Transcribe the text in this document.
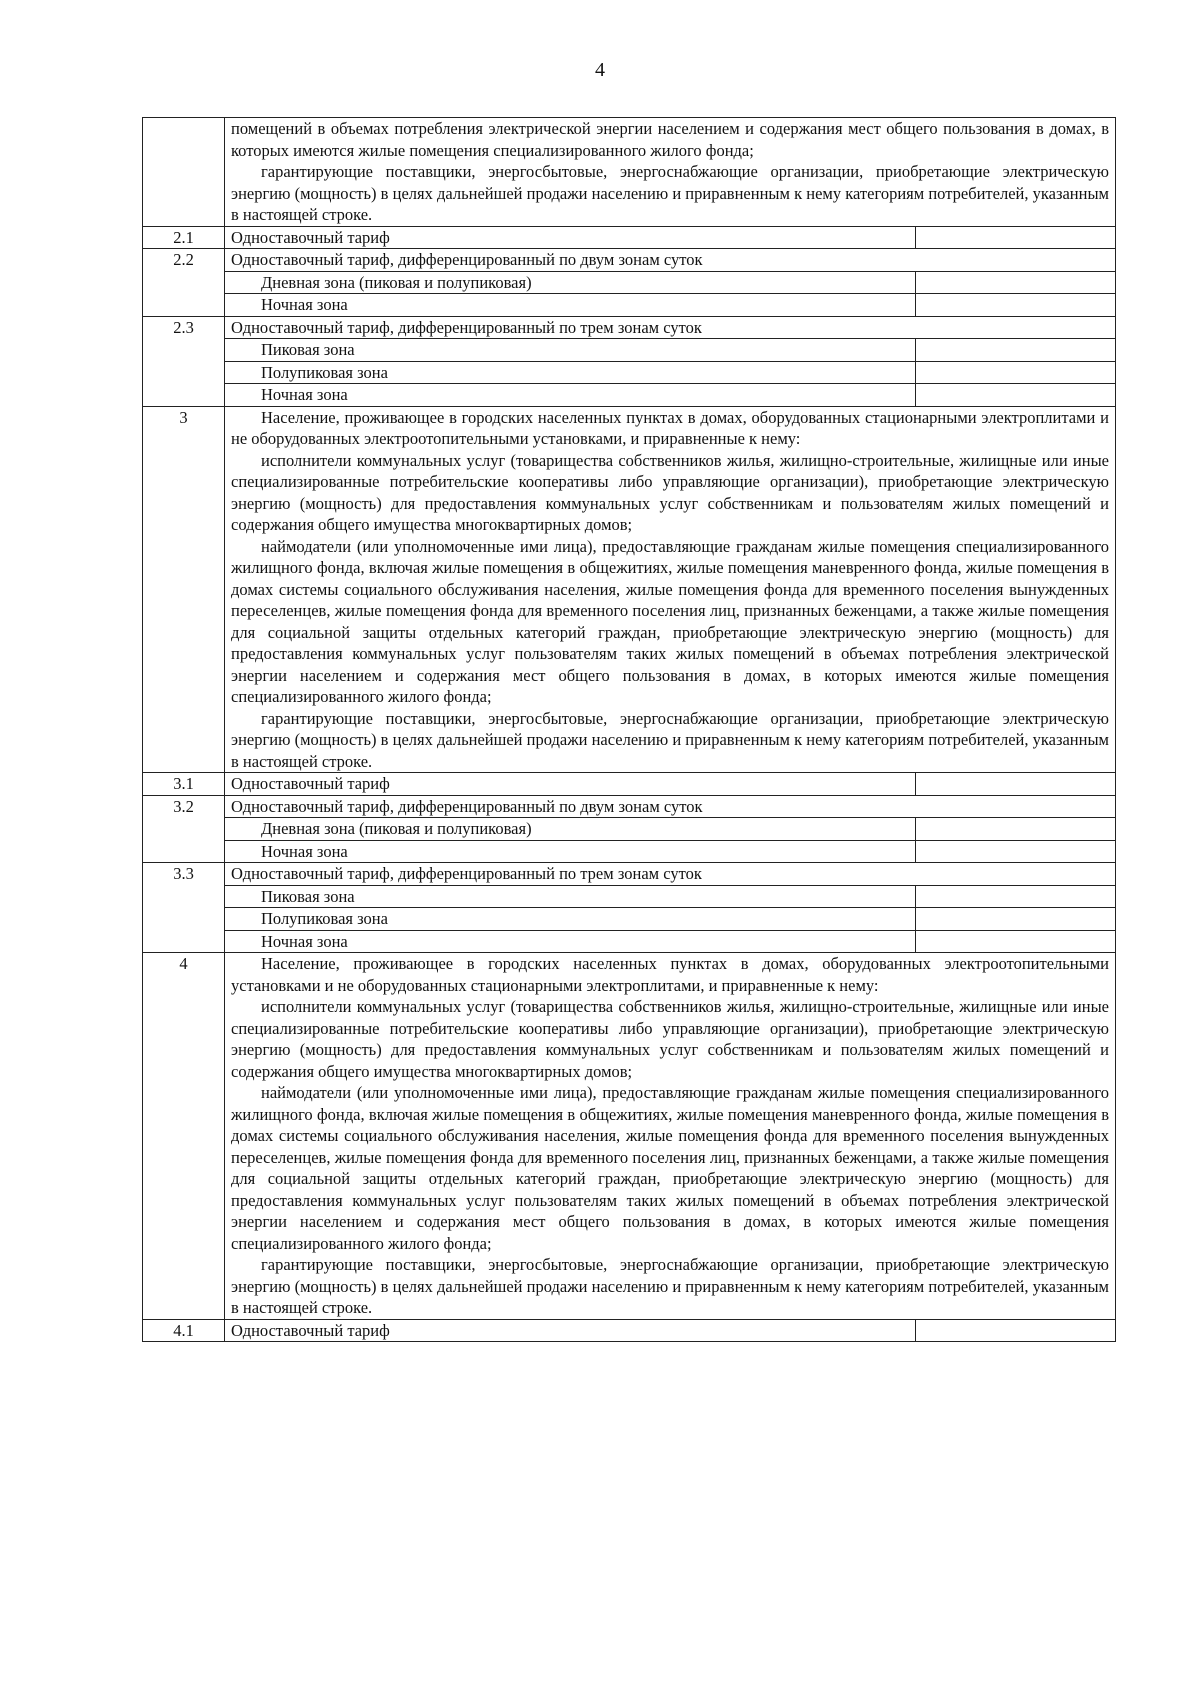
4

	помещений в объемах потребления электрической энергии населением и содержания мест общего пользования в домах, в которых имеются жилые помещения специализированного жилого фонда;

гарантирующие поставщики, энергосбытовые, энергоснабжающие организации, приобретающие электрическую энергию (мощность) в целях дальнейшей продажи населению и приравненным к нему категориям потребителей, указанным в настоящей строке.	

2.1	Одноставочный тариф	
2.2	Одноставочный тариф, дифференцированный по двум зонам суток	
	Дневная зона (пиковая и полупиковая)	
	Ночная зона	
2.3	Одноставочный тариф, дифференцированный по трем зонам суток	
	Пиковая зона	
	Полупиковая зона	
	Ночная зона	
3	Население, проживающее в городских населенных пунктах в домах, оборудованных стационарными электроплитами и не оборудованных электроотопительными установками, и приравненные к нему:

исполнители коммунальных услуг (товарищества собственников жилья, жилищно-строительные, жилищные или иные специализированные потребительские кооперативы либо управляющие организации), приобретающие электрическую энергию (мощность) для предоставления коммунальных услуг собственникам и пользователям жилых помещений и содержания общего имущества многоквартирных домов;

наймодатели (или уполномоченные ими лица), предоставляющие гражданам жилые помещения специализированного жилищного фонда, включая жилые помещения в общежитиях, жилые помещения маневренного фонда, жилые помещения в домах системы социального обслуживания населения, жилые помещения фонда для временного поселения вынужденных переселенцев, жилые помещения фонда для временного поселения лиц, признанных беженцами, а также жилые помещения для социальной защиты отдельных категорий граждан, приобретающие электрическую энергию (мощность) для предоставления коммунальных услуг пользователям таких жилых помещений в объемах потребления электрической энергии населением и содержания мест общего пользования в домах, в которых имеются жилые помещения специализированного жилого фонда;

гарантирующие поставщики, энергосбытовые, энергоснабжающие организации, приобретающие электрическую энергию (мощность) в целях дальнейшей продажи населению и приравненным к нему категориям потребителей, указанным в настоящей строке.	

3.1	Одноставочный тариф	
3.2	Одноставочный тариф, дифференцированный по двум зонам суток	
	Дневная зона (пиковая и полупиковая)	
	Ночная зона	
3.3	Одноставочный тариф, дифференцированный по трем зонам суток	
	Пиковая зона	
	Полупиковая зона	
	Ночная зона	
4	Население, проживающее в городских населенных пунктах в домах, оборудованных электроотопительными установками и не оборудованных стационарными электроплитами, и приравненные к нему:

исполнители коммунальных услуг (товарищества собственников жилья, жилищно-строительные, жилищные или иные специализированные потребительские кооперативы либо управляющие организации), приобретающие электрическую энергию (мощность) для предоставления коммунальных услуг собственникам и пользователям жилых помещений и содержания общего имущества многоквартирных домов;

наймодатели (или уполномоченные ими лица), предоставляющие гражданам жилые помещения специализированного жилищного фонда, включая жилые помещения в общежитиях, жилые помещения маневренного фонда, жилые помещения в домах системы социального обслуживания населения, жилые помещения фонда для временного поселения вынужденных переселенцев, жилые помещения фонда для временного поселения лиц, признанных беженцами, а также жилые помещения для социальной защиты отдельных категорий граждан, приобретающие электрическую энергию (мощность) для предоставления коммунальных услуг пользователям таких жилых помещений в объемах потребления электрической энергии населением и содержания мест общего пользования в домах, в которых имеются жилые помещения специализированного жилого фонда;

гарантирующие поставщики, энергосбытовые, энергоснабжающие организации, приобретающие электрическую энергию (мощность) в целях дальнейшей продажи населению и приравненным к нему категориям потребителей, указанным в настоящей строке.	

4.1	Одноставочный тариф	
